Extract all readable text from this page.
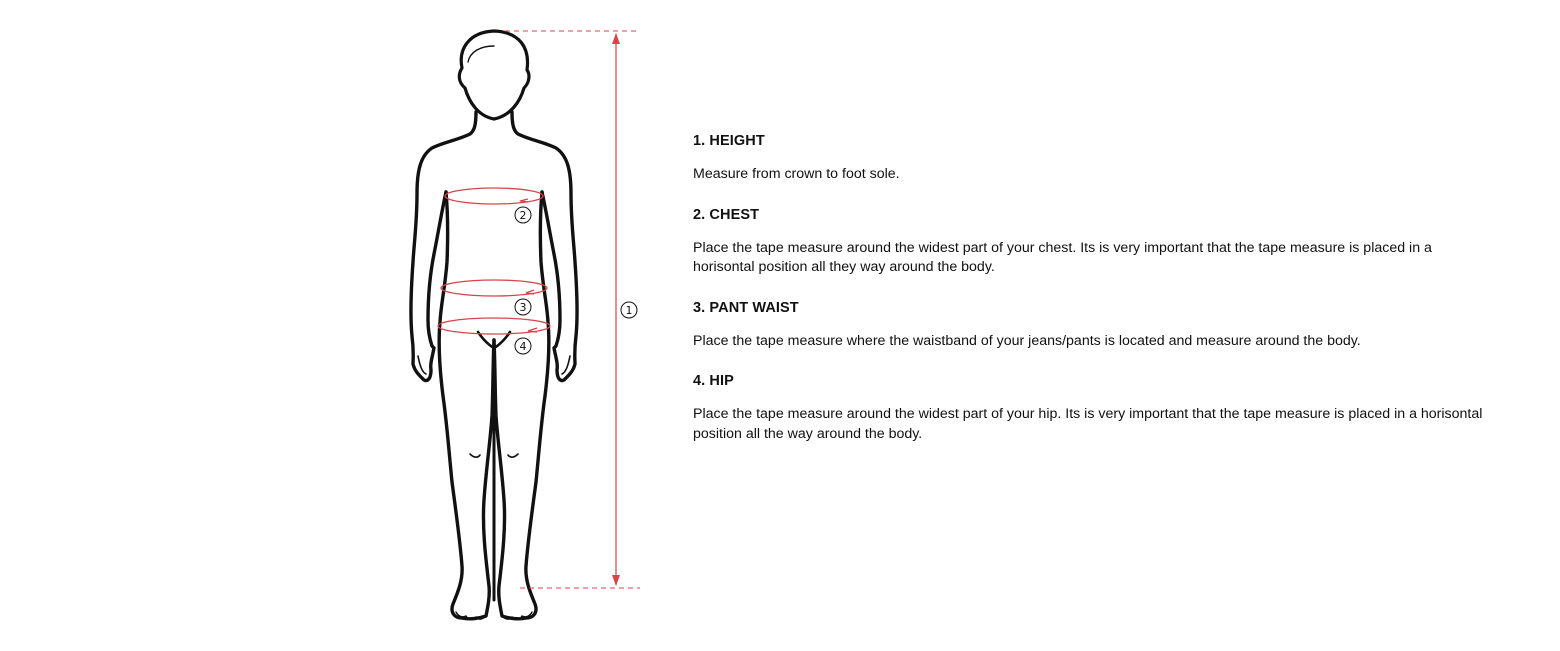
1
2
3
4
1. HEIGHT

Measure from crown to foot sole.

2. CHEST

Place the tape measure around the widest part of your chest. Its is very important that the tape measure is placed in a horisontal position all they way around the body.

3. PANT WAIST

Place the tape measure where the waistband of your jeans/pants is located and measure around the body.

4. HIP

Place the tape measure around the widest part of your hip. Its is very important that the tape measure is placed in a horisontal position all the way around the body.
